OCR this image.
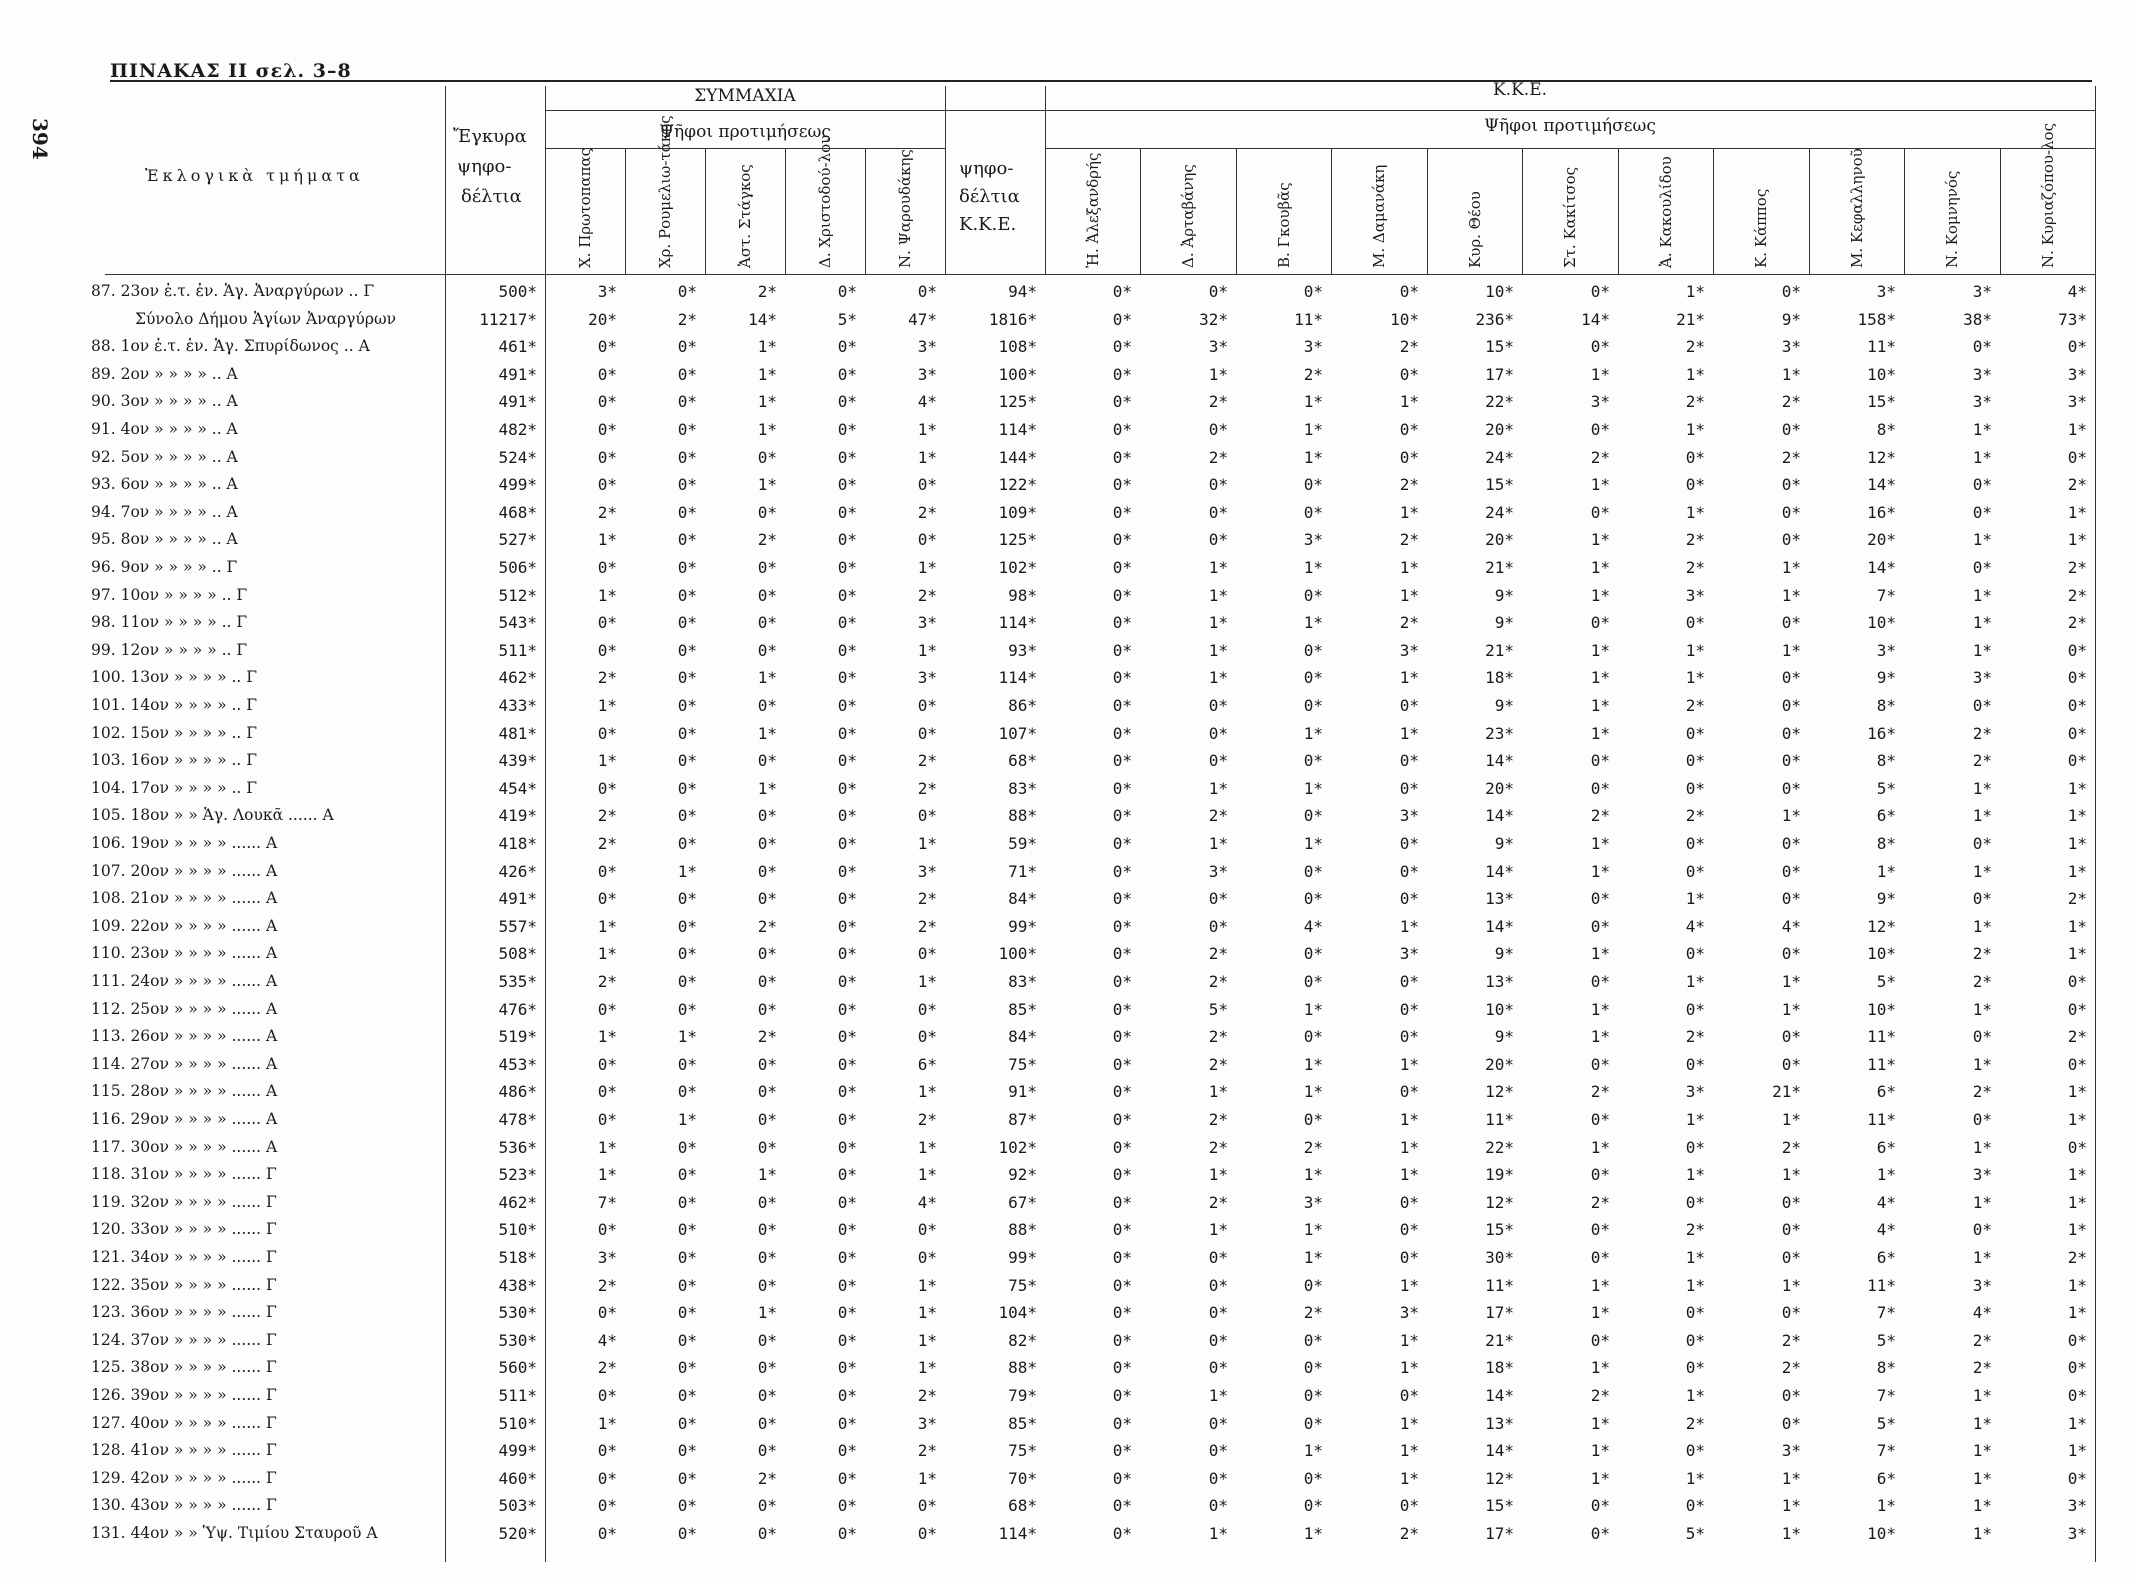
394
ΠΙΝΑΚΑΣ II σελ. 3–8
Ἐκλογικὰ τμήματα
Ἔγκυρα
ψηφο-
δέλτια
ΣΥΜΜΑΧΙΑ	Κ.Κ.Ε.
Ψῆφοι προτιμήσεως	Ψῆφοι προτιμήσεως
ψηφο-
δέλτια
Κ.Κ.Ε.
Χ. Πρωτοπαπας	Χρ. Ρουμελιω-τάκης	Ἀστ. Στάγκος	Δ. Χριστοδού-λου	Ν. Ψαρουδάκης	Ἠ. Ἀλεξανδρής	Δ. Ἀρταβάνης	Β. Γκουβᾶς	Μ. Δαμανάκη	Κυρ. Θέου	Στ. Κακίτσος	Ἀ. Κακουλίδου	Κ. Κάππος	Μ. Κεφαλληνοῦ	Ν. Κομνηνός	Ν. Κυριαζόπου-λος
87. 23ον ἐ.τ. ἐν. Ἁγ. Ἀναργύρων .. Γ	500*	3*	0*	2*	0*	0*	94*	0*	0*	0*	0*	10*	0*	1*	0*	3*	3*	4*
Σύνολο Δήμου Ἁγίων Ἀναργύρων	11217*	20*	2*	14*	5*	47*	1816*	0*	32*	11*	10*	236*	14*	21*	9*	158*	38*	73*
88. 1ον ἐ.τ. ἐν. Ἁγ. Σπυρίδωνος .. Α	461*	0*	0*	1*	0*	3*	108*	0*	3*	3*	2*	15*	0*	2*	3*	11*	0*	0*
89. 2ον » » » » .. Α	491*	0*	0*	1*	0*	3*	100*	0*	1*	2*	0*	17*	1*	1*	1*	10*	3*	3*
90. 3ον » » » » .. Α	491*	0*	0*	1*	0*	4*	125*	0*	2*	1*	1*	22*	3*	2*	2*	15*	3*	3*
91. 4ον » » » » .. Α	482*	0*	0*	1*	0*	1*	114*	0*	0*	1*	0*	20*	0*	1*	0*	8*	1*	1*
92. 5ον » » » » .. Α	524*	0*	0*	0*	0*	1*	144*	0*	2*	1*	0*	24*	2*	0*	2*	12*	1*	0*
93. 6ον » » » » .. Α	499*	0*	0*	1*	0*	0*	122*	0*	0*	0*	2*	15*	1*	0*	0*	14*	0*	2*
94. 7ον » » » » .. Α	468*	2*	0*	0*	0*	2*	109*	0*	0*	0*	1*	24*	0*	1*	0*	16*	0*	1*
95. 8ον » » » » .. Α	527*	1*	0*	2*	0*	0*	125*	0*	0*	3*	2*	20*	1*	2*	0*	20*	1*	1*
96. 9ον » » » » .. Γ	506*	0*	0*	0*	0*	1*	102*	0*	1*	1*	1*	21*	1*	2*	1*	14*	0*	2*
97. 10ον » » » » .. Γ	512*	1*	0*	0*	0*	2*	98*	0*	1*	0*	1*	9*	1*	3*	1*	7*	1*	2*
98. 11ον » » » » .. Γ	543*	0*	0*	0*	0*	3*	114*	0*	1*	1*	2*	9*	0*	0*	0*	10*	1*	2*
99. 12ον » » » » .. Γ	511*	0*	0*	0*	0*	1*	93*	0*	1*	0*	3*	21*	1*	1*	1*	3*	1*	0*
100. 13ον » » » » .. Γ	462*	2*	0*	1*	0*	3*	114*	0*	1*	0*	1*	18*	1*	1*	0*	9*	3*	0*
101. 14ον » » » » .. Γ	433*	1*	0*	0*	0*	0*	86*	0*	0*	0*	0*	9*	1*	2*	0*	8*	0*	0*
102. 15ον » » » » .. Γ	481*	0*	0*	1*	0*	0*	107*	0*	0*	1*	1*	23*	1*	0*	0*	16*	2*	0*
103. 16ον » » » » .. Γ	439*	1*	0*	0*	0*	2*	68*	0*	0*	0*	0*	14*	0*	0*	0*	8*	2*	0*
104. 17ον » » » » .. Γ	454*	0*	0*	1*	0*	2*	83*	0*	1*	1*	0*	20*	0*	0*	0*	5*	1*	1*
105. 18ον » » Ἁγ. Λουκᾶ ...... Α	419*	2*	0*	0*	0*	0*	88*	0*	2*	0*	3*	14*	2*	2*	1*	6*	1*	1*
106. 19ον » » » » ...... Α	418*	2*	0*	0*	0*	1*	59*	0*	1*	1*	0*	9*	1*	0*	0*	8*	0*	1*
107. 20ον » » » » ...... Α	426*	0*	1*	0*	0*	3*	71*	0*	3*	0*	0*	14*	1*	0*	0*	1*	1*	1*
108. 21ον » » » » ...... Α	491*	0*	0*	0*	0*	2*	84*	0*	0*	0*	0*	13*	0*	1*	0*	9*	0*	2*
109. 22ον » » » » ...... Α	557*	1*	0*	2*	0*	2*	99*	0*	0*	4*	1*	14*	0*	4*	4*	12*	1*	1*
110. 23ον » » » » ...... Α	508*	1*	0*	0*	0*	0*	100*	0*	2*	0*	3*	9*	1*	0*	0*	10*	2*	1*
111. 24ον » » » » ...... Α	535*	2*	0*	0*	0*	1*	83*	0*	2*	0*	0*	13*	0*	1*	1*	5*	2*	0*
112. 25ον » » » » ...... Α	476*	0*	0*	0*	0*	0*	85*	0*	5*	1*	0*	10*	1*	0*	1*	10*	1*	0*
113. 26ον » » » » ...... Α	519*	1*	1*	2*	0*	0*	84*	0*	2*	0*	0*	9*	1*	2*	0*	11*	0*	2*
114. 27ον » » » » ...... Α	453*	0*	0*	0*	0*	6*	75*	0*	2*	1*	1*	20*	0*	0*	0*	11*	1*	0*
115. 28ον » » » » ...... Α	486*	0*	0*	0*	0*	1*	91*	0*	1*	1*	0*	12*	2*	3*	21*	6*	2*	1*
116. 29ον » » » » ...... Α	478*	0*	1*	0*	0*	2*	87*	0*	2*	0*	1*	11*	0*	1*	1*	11*	0*	1*
117. 30ον » » » » ...... Α	536*	1*	0*	0*	0*	1*	102*	0*	2*	2*	1*	22*	1*	0*	2*	6*	1*	0*
118. 31ον » » » » ...... Γ	523*	1*	0*	1*	0*	1*	92*	0*	1*	1*	1*	19*	0*	1*	1*	1*	3*	1*
119. 32ον » » » » ...... Γ	462*	7*	0*	0*	0*	4*	67*	0*	2*	3*	0*	12*	2*	0*	0*	4*	1*	1*
120. 33ον » » » » ...... Γ	510*	0*	0*	0*	0*	0*	88*	0*	1*	1*	0*	15*	0*	2*	0*	4*	0*	1*
121. 34ον » » » » ...... Γ	518*	3*	0*	0*	0*	0*	99*	0*	0*	1*	0*	30*	0*	1*	0*	6*	1*	2*
122. 35ον » » » » ...... Γ	438*	2*	0*	0*	0*	1*	75*	0*	0*	0*	1*	11*	1*	1*	1*	11*	3*	1*
123. 36ον » » » » ...... Γ	530*	0*	0*	1*	0*	1*	104*	0*	0*	2*	3*	17*	1*	0*	0*	7*	4*	1*
124. 37ον » » » » ...... Γ	530*	4*	0*	0*	0*	1*	82*	0*	0*	0*	1*	21*	0*	0*	2*	5*	2*	0*
125. 38ον » » » » ...... Γ	560*	2*	0*	0*	0*	1*	88*	0*	0*	0*	1*	18*	1*	0*	2*	8*	2*	0*
126. 39ον » » » » ...... Γ	511*	0*	0*	0*	0*	2*	79*	0*	1*	0*	0*	14*	2*	1*	0*	7*	1*	0*
127. 40ον » » » » ...... Γ	510*	1*	0*	0*	0*	3*	85*	0*	0*	0*	1*	13*	1*	2*	0*	5*	1*	1*
128. 41ον » » » » ...... Γ	499*	0*	0*	0*	0*	2*	75*	0*	0*	1*	1*	14*	1*	0*	3*	7*	1*	1*
129. 42ον » » » » ...... Γ	460*	0*	0*	2*	0*	1*	70*	0*	0*	0*	1*	12*	1*	1*	1*	6*	1*	0*
130. 43ον » » » » ...... Γ	503*	0*	0*	0*	0*	0*	68*	0*	0*	0*	0*	15*	0*	0*	1*	1*	1*	3*
131. 44ον » » Ὑψ. Τιμίου Σταυροῦ Α	520*	0*	0*	0*	0*	0*	114*	0*	1*	1*	2*	17*	0*	5*	1*	10*	1*	3*
